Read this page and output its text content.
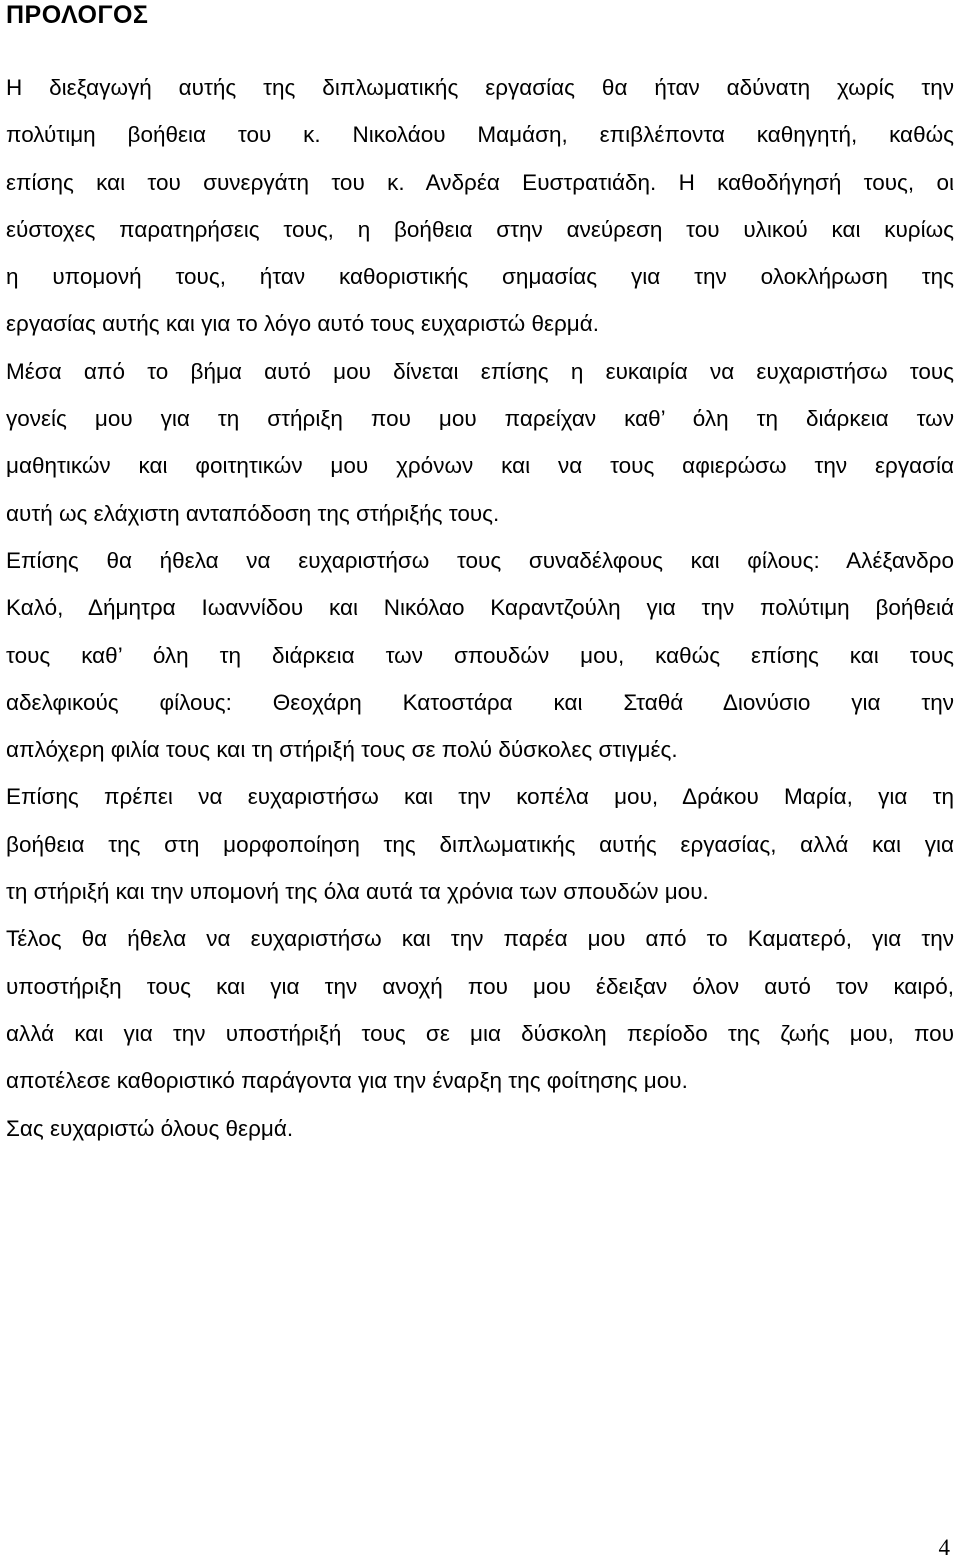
ΠΡΟΛΟΓΟΣ
Η διεξαγωγή αυτής της διπλωματικής εργασίας θα ήταν αδύνατη χωρίς την
πολύτιμη βοήθεια του κ. Νικολάου Μαμάση, επιβλέποντα καθηγητή, καθώς
επίσης και του συνεργάτη του κ. Ανδρέα Ευστρατιάδη. Η καθοδήγησή τους, οι
εύστοχες παρατηρήσεις τους, η βοήθεια στην ανεύρεση του υλικού και κυρίως
η υπομονή τους, ήταν καθοριστικής σημασίας για την ολοκλήρωση της
εργασίας αυτής και για το λόγο αυτό τους ευχαριστώ θερμά.
Μέσα από το βήμα αυτό μου δίνεται επίσης η ευκαιρία να ευχαριστήσω τους
γονείς μου για τη στήριξη που μου παρείχαν καθ’ όλη τη διάρκεια των
μαθητικών και φοιτητικών μου χρόνων και να τους αφιερώσω την εργασία
αυτή ως ελάχιστη ανταπόδοση της στήριξής τους.
Επίσης θα ήθελα να ευχαριστήσω τους συναδέλφους και φίλους: Αλέξανδρο
Καλό, Δήμητρα Ιωαννίδου και Νικόλαο Καραντζούλη για την πολύτιμη βοήθειά
τους καθ’ όλη τη διάρκεια των σπουδών μου, καθώς επίσης και τους
αδελφικούς φίλους: Θεοχάρη Κατοστάρα και Σταθά Διονύσιο για την
απλόχερη φιλία τους και τη στήριξή τους σε πολύ δύσκολες στιγμές.
Επίσης πρέπει να ευχαριστήσω και την κοπέλα μου, Δράκου Μαρία, για τη
βοήθεια της στη μορφοποίηση της διπλωματικής αυτής εργασίας, αλλά και για
τη στήριξή και την υπομονή της όλα αυτά τα χρόνια των σπουδών μου.
Τέλος θα ήθελα να ευχαριστήσω και την παρέα μου από το Καματερό, για την
υποστήριξη τους και για την ανοχή που μου έδειξαν όλον αυτό τον καιρό,
αλλά και για την υποστήριξή τους σε μια δύσκολη περίοδο της ζωής μου, που
αποτέλεσε καθοριστικό παράγοντα για την έναρξη της φοίτησης μου.
Σας ευχαριστώ όλους θερμά.
4
